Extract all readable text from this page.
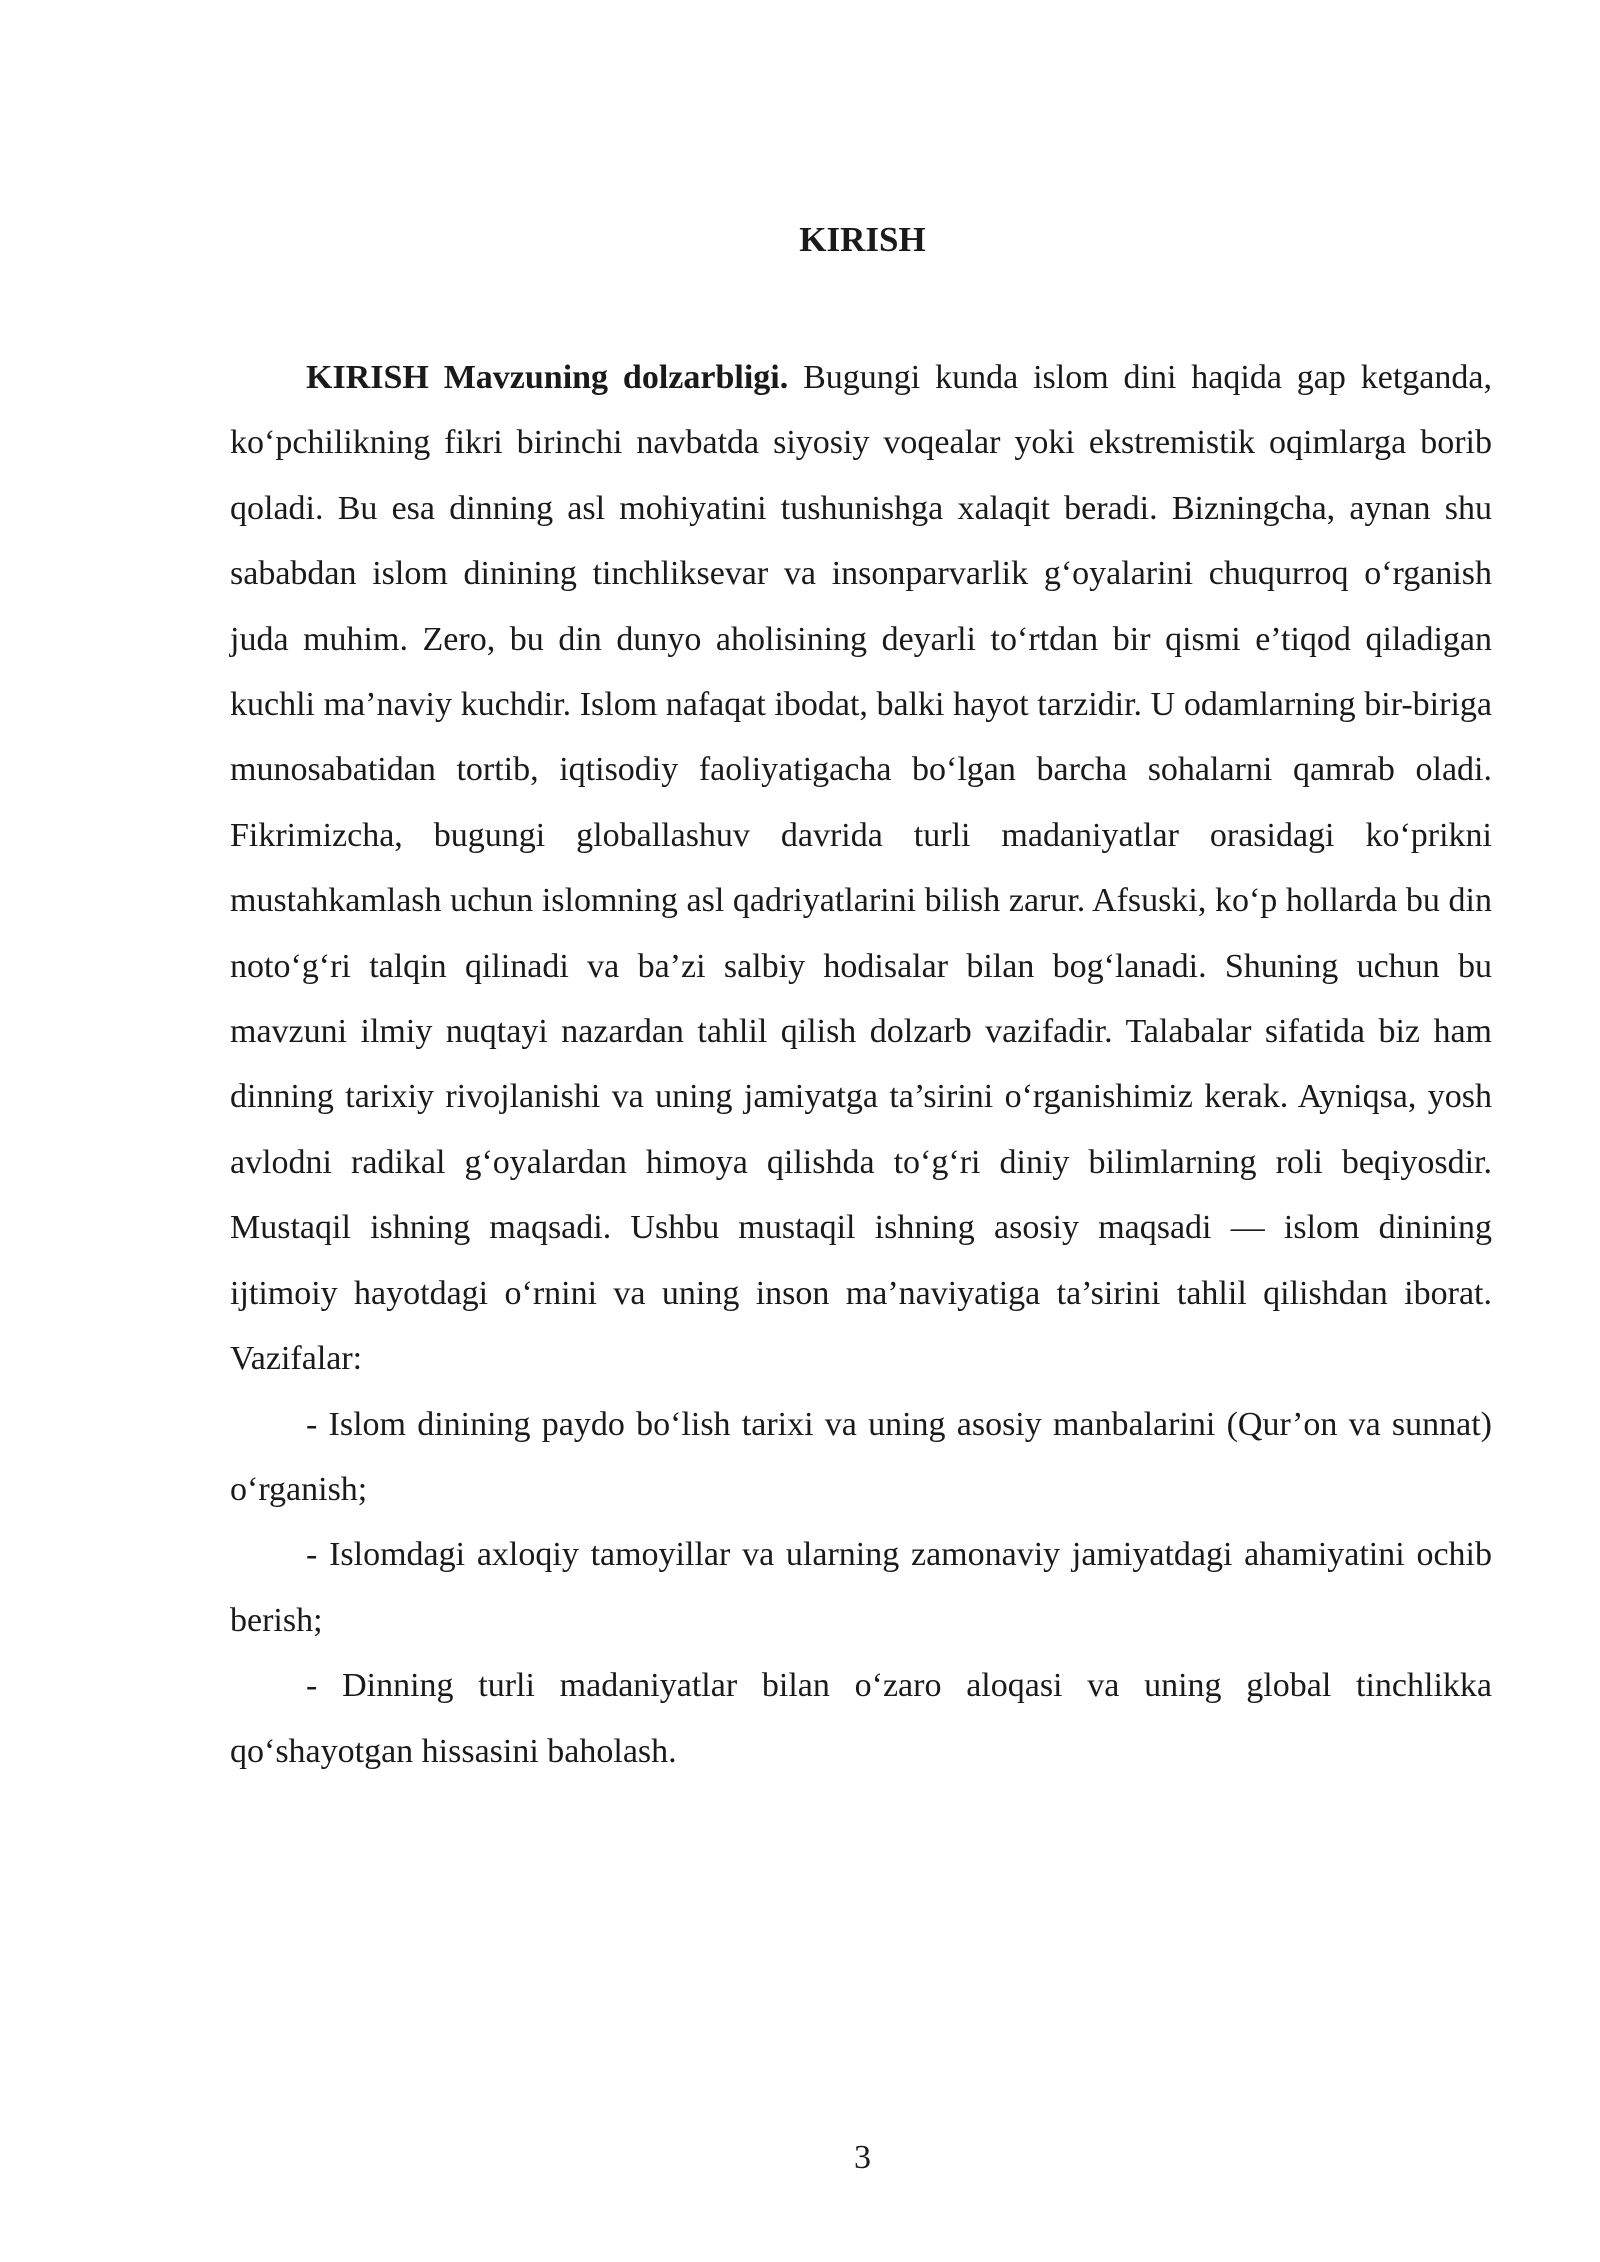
KIRISH

KIRISH Mavzuning dolzarbligi. Bugungi kunda islom dini haqida gap ketganda, ko‘pchilikning fikri birinchi navbatda siyosiy voqealar yoki ekstremistik oqimlarga borib qoladi. Bu esa dinning asl mohiyatini tushunishga xalaqit beradi. Bizningcha, aynan shu sababdan islom dinining tinchliksevar va insonparvarlik g‘oyalarini chuqurroq o‘rganish juda muhim. Zero, bu din dunyo aholisining deyarli to‘rtdan bir qismi e’tiqod qiladigan kuchli ma’naviy kuchdir. Islom nafaqat ibodat, balki hayot tarzidir. U odamlarning bir-biriga munosabatidan tortib, iqtisodiy faoliyatigacha bo‘lgan barcha sohalarni qamrab oladi. Fikrimizcha, bugungi globallashuv davrida turli madaniyatlar orasidagi ko‘prikni mustahkamlash uchun islomning asl qadriyatlarini bilish zarur. Afsuski, ko‘p hollarda bu din noto‘g‘ri talqin qilinadi va ba’zi salbiy hodisalar bilan bog‘lanadi. Shuning uchun bu mavzuni ilmiy nuqtayi nazardan tahlil qilish dolzarb vazifadir. Talabalar sifatida biz ham dinning tarixiy rivojlanishi va uning jamiyatga ta’sirini o‘rganishimiz kerak. Ayniqsa, yosh avlodni radikal g‘oyalardan himoya qilishda to‘g‘ri diniy bilimlarning roli beqiyosdir. Mustaqil ishning maqsadi. Ushbu mustaqil ishning asosiy maqsadi — islom dinining ijtimoiy hayotdagi o‘rnini va uning inson ma’naviyatiga ta’sirini tahlil qilishdan iborat. Vazifalar:

- Islom dinining paydo bo‘lish tarixi va uning asosiy manbalarini (Qur’on va sunnat) o‘rganish;

- Islomdagi axloqiy tamoyillar va ularning zamonaviy jamiyatdagi ahamiyatini ochib berish;

- Dinning turli madaniyatlar bilan o‘zaro aloqasi va uning global tinchlikka qo‘shayotgan hissasini baholash.

3
